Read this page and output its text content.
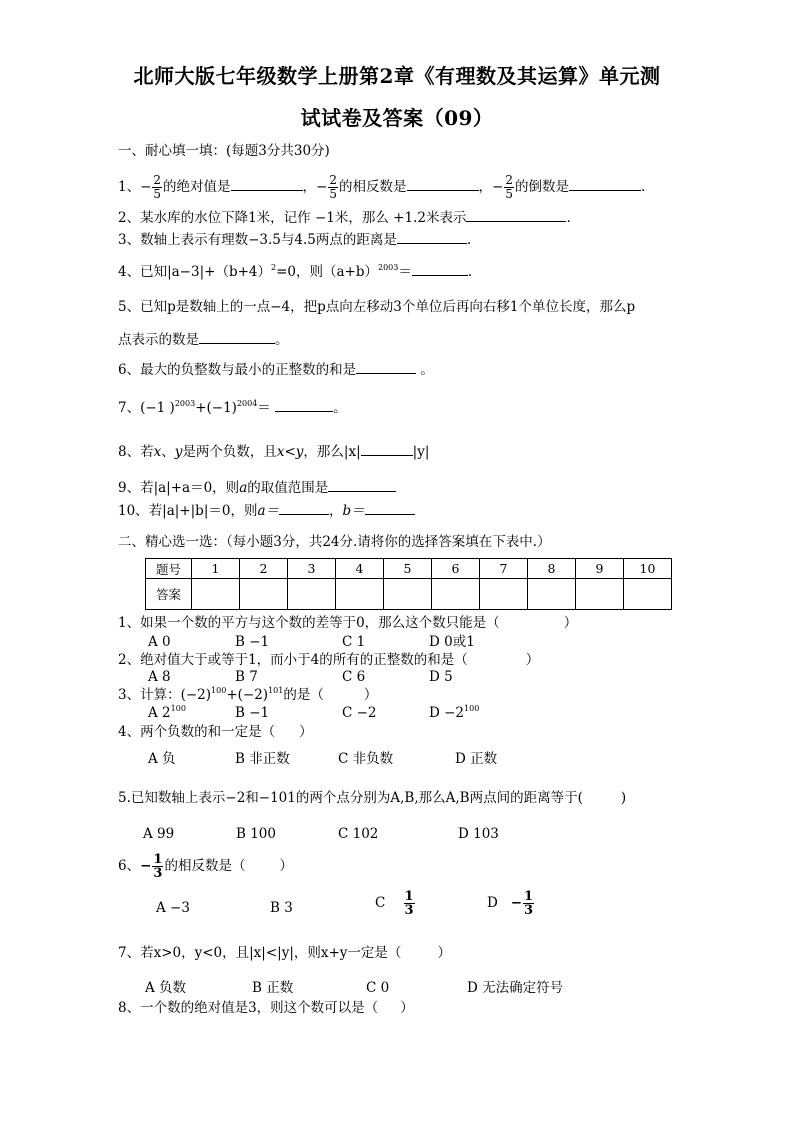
北师大版七年级数学上册第2章《有理数及其运算》单元测
试试卷及答案（09）
一、耐心填一填：(每题3分共30分)
1、− $\frac{2}{5}$ 的绝对值是	，− $\frac{2}{5}$ 的相反数是	，− $\frac{2}{5}$ 的倒数是	.
2、某水库的水位下降1米，记作 −1米，那么 +1.2米表示	.
3、数轴上表示有理数−3.5与4.5两点的距离是	.
4、已知$|a-3|+(b+4)^2=0$，则$(a+b)^{2003}=$	.
5、已知p是数轴上的一点−4，把p点向左移动3个单位后再向右移1个单位长度，那么p
点表示的数是	。
6、最大的负整数与最小的正整数的和是	。
7、(−1 )$^{2003}+(-1)^{2004}=$	。
8、若x、y是两个负数，且x<y，那么|x|	|y|
9、若|a|+a＝0，则a的取值范围是
10、若|a|+|b|＝0，则a＝	，b＝
二、精心选一选：（每小题3分，共24分.请将你的选择答案填在下表中.）
题号	1	2	3	4	5	6	7	8	9	10
答案										
1、如果一个数的平方与这个数的差等于0，那么这个数只能是（	）
A 0	B −1	C 1	D 0或1
2、绝对值大于或等于1，而小于4的所有的正整数的和是（	）
A 8	B 7	C 6	D 5
3、计算：$(-2)^{100}+(-2)^{101}$的是（	）
A $2^{100}$	B −1	C −2	$D -2^{100}$
4、两个负数的和一定是（ ）
A 负	B 非正数	C 非负数	D 正数
5.已知数轴上表示−2和−101的两个点分别为A,B,那么A,B两点间的距离等于(	)
A 99	B 100	C 102	D 103
6、− $\frac{1}{3}$ 的相反数是（	）
A −3	B 3	C $\frac{1}{3}$	$D - \frac{1}{3}$
7、若x>0，y<0，且|x|<|y|，则x+y一定是（	）
A 负数	B 正数	C 0	D 无法确定符号
8、一个数的绝对值是3，则这个数可以是（ ）
